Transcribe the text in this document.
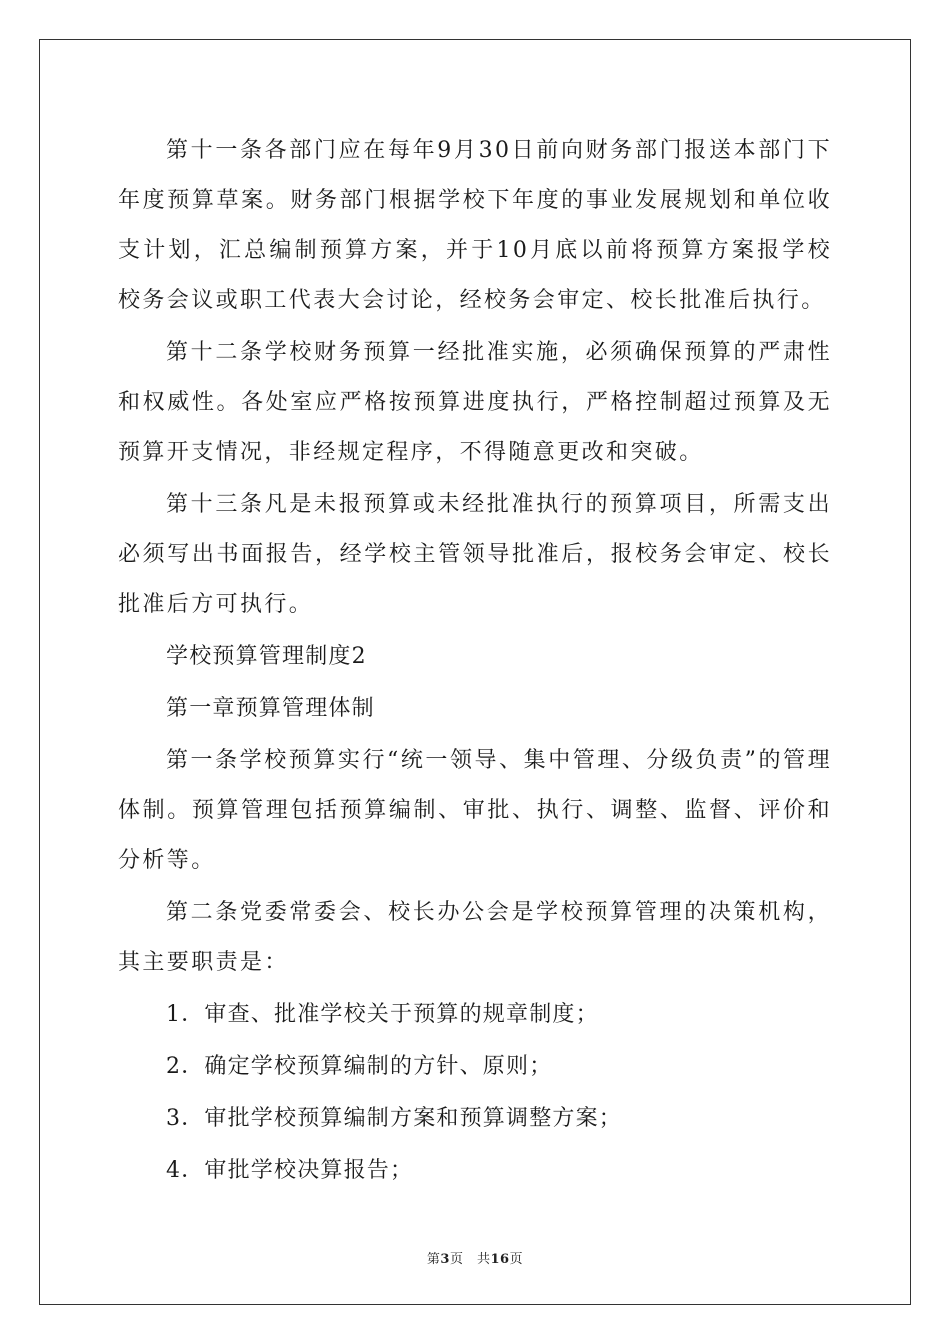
第十一条各部门应在每年9月30日前向财务部门报送本部门下年度预算草案。财务部门根据学校下年度的事业发展规划和单位收支计划，汇总编制预算方案，并于10月底以前将预算方案报学校校务会议或职工代表大会讨论，经校务会审定、校长批准后执行。

第十二条学校财务预算一经批准实施，必须确保预算的严肃性和权威性。各处室应严格按预算进度执行，严格控制超过预算及无预算开支情况，非经规定程序，不得随意更改和突破。

第十三条凡是未报预算或未经批准执行的预算项目，所需支出必须写出书面报告，经学校主管领导批准后，报校务会审定、校长批准后方可执行。

学校预算管理制度2

第一章预算管理体制

第一条学校预算实行“统一领导、集中管理、分级负责”的管理体制。预算管理包括预算编制、审批、执行、调整、监督、评价和分析等。

第二条党委常委会、校长办公会是学校预算管理的决策机构，其主要职责是：

1．审查、批准学校关于预算的规章制度；

2．确定学校预算编制的方针、原则；

3．审批学校预算编制方案和预算调整方案；

4．审批学校决算报告；

第3页　共16页
